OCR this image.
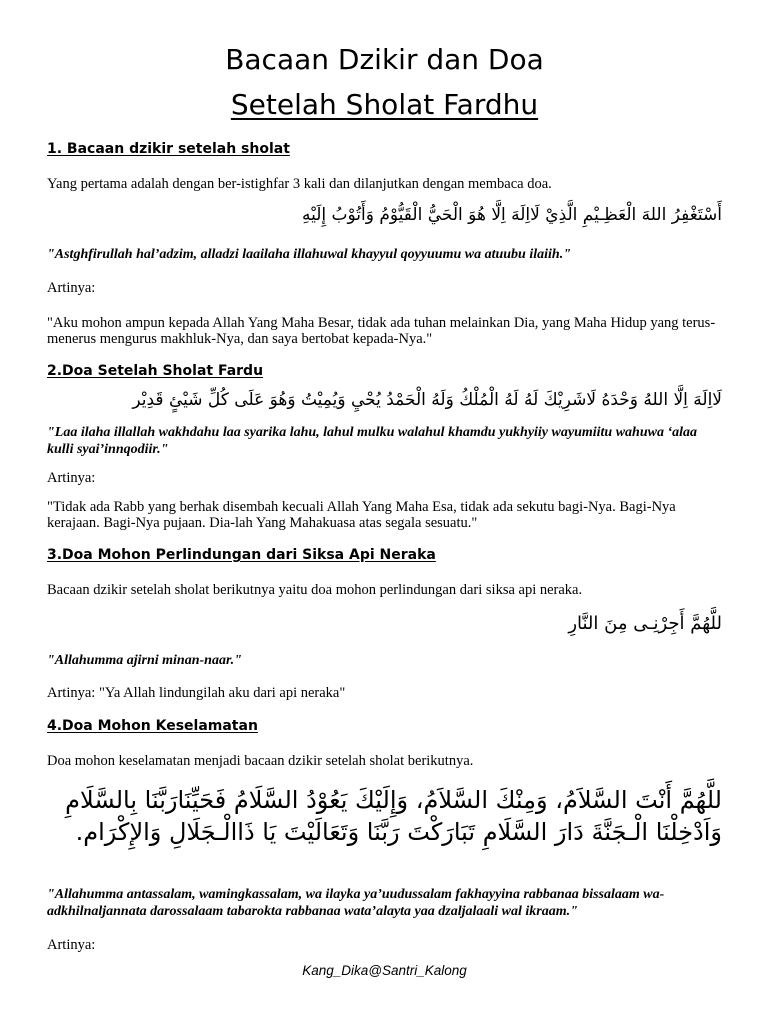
Bacaan Dzikir dan Doa
Setelah Sholat Fardhu
1. Bacaan dzikir setelah sholat
Yang pertama adalah dengan ber-istighfar 3 kali dan dilanjutkan dengan membaca doa.
أَسْتَغْفِرُ اللهَ الْعَظِـيْمِ الَّذِيْ لَااِلَهَ اِلَّا هُوَ الْحَيُّ الْقَيُّوْمُ وَأَتُوْبُ إِلَيْهِ
"Astghfirullah hal’adzim, alladzi laailaha illahuwal khayyul qoyyuumu wa atuubu ilaiih."
Artinya:
"Aku mohon ampun kepada Allah Yang Maha Besar, tidak ada tuhan melainkan Dia, yang Maha Hidup yang terus-menerus mengurus makhluk-Nya, dan saya bertobat kepada-Nya."
2.Doa Setelah Sholat Fardu
لَااِلَهَ اِلَّا اللهُ وَحْدَهُ لَاشَرِيْكَ لَهُ لَهُ الْمُلْكُ وَلَهُ الْحَمْدُ يُحْيِ وَيُمِيْتُ وَهُوَ عَلَى كُلِّ شَيْئٍ قَدِيْر
"Laa ilaha illallah wakhdahu laa syarika lahu, lahul mulku walahul khamdu yukhyiiy wayumiitu wahuwa ‘alaa kulli syai’innqodiir."
Artinya:
"Tidak ada Rabb yang berhak disembah kecuali Allah Yang Maha Esa, tidak ada sekutu bagi-Nya. Bagi-Nya kerajaan. Bagi-Nya pujaan. Dia-lah Yang Mahakuasa atas segala sesuatu."
3.Doa Mohon Perlindungan dari Siksa Api Neraka
Bacaan dzikir setelah sholat berikutnya yaitu doa mohon perlindungan dari siksa api neraka.
للَّهُمَّ أَجِرْنِـى مِنَ النَّارِ
"Allahumma ajirni minan-naar."
Artinya: "Ya Allah lindungilah aku dari api neraka"
4.Doa Mohon Keselamatan
Doa mohon keselamatan menjadi bacaan dzikir setelah sholat berikutnya.
للَّهُمَّ أَنْتَ السَّلاَمُ، وَمِنْكَ السَّلاَمُ، وَإِلَيْكَ يَعُوْدُ السَّلَامُ فَحَيِّنَارَبَّنَا بِالسَّلَامِ وَاَدْخِلْنَا الْـجَنَّةَ دَارَ السَّلَامِ تَبَارَكْتَ رَبَّنَا وَتَعَالَيْتَ يَا ذَاالْـجَلَالِ وَالإِكْرَام.
"Allahumma antassalam, wamingkassalam, wa ilayka ya’uudussalam fakhayyina rabbanaa bissalaam wa-adkhilnaljannata darossalaam tabarokta rabbanaa wata’alayta yaa dzaljalaali wal ikraam."
Artinya:
Kang_Dika@Santri_Kalong
